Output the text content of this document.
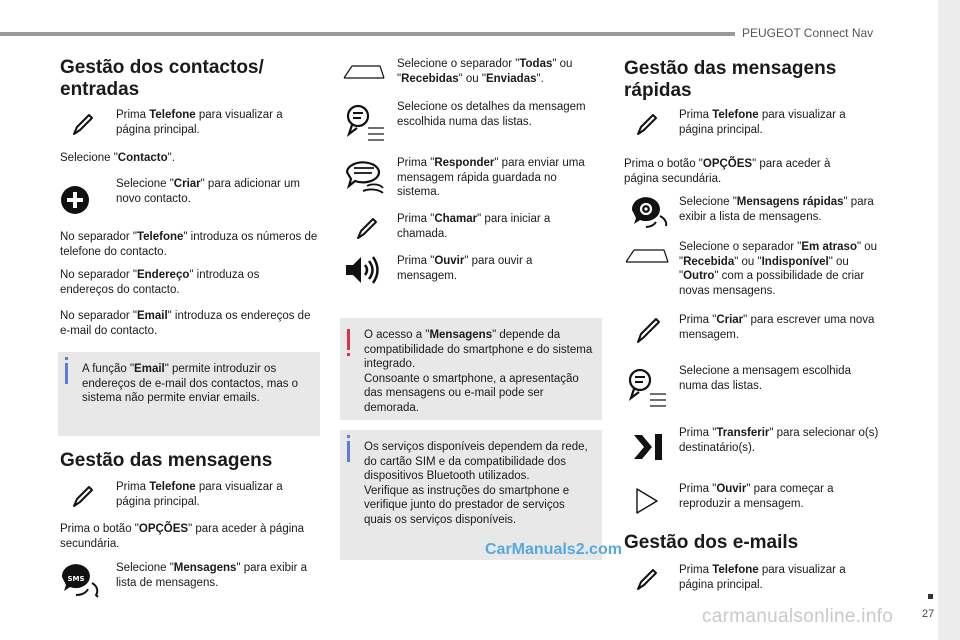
PEUGEOT Connect Nav
27
Gestão dos contactos/ entradas
Prima Telefone para visualizar a página principal.
Selecione "Contacto".
Selecione "Criar" para adicionar um novo contacto.
No separador "Telefone" introduza os números de telefone do contacto.
No separador "Endereço" introduza os endereços do contacto.
No separador "Email" introduza os endereços de e-mail do contacto.
A função "Email" permite introduzir os endereços de e-mail dos contactos, mas o sistema não permite enviar emails.
Gestão das mensagens
Prima Telefone para visualizar a página principal.
Prima o botão "OPÇÕES" para aceder à página secundária.
SMS
Selecione "Mensagens" para exibir a lista de mensagens.
Selecione o separador "Todas" ou "Recebidas" ou "Enviadas".
Selecione os detalhes da mensagem escolhida numa das listas.
Prima "Responder" para enviar uma mensagem rápida guardada no sistema.
Prima "Chamar" para iniciar a chamada.
Prima "Ouvir" para ouvir a mensagem.
O acesso a "Mensagens" depende da compatibilidade do smartphone e do sistema integrado.
Consoante o smartphone, a apresentação das mensagens ou e-mail pode ser demorada.
Os serviços disponíveis dependem da rede, do cartão SIM e da compatibilidade dos dispositivos Bluetooth utilizados.
Verifique as instruções do smartphone e verifique junto do prestador de serviços quais os serviços disponíveis.
CarManuals2.com
Gestão das mensagens rápidas
Prima Telefone para visualizar a página principal.
Prima o botão "OPÇÕES" para aceder à página secundária.
Selecione "Mensagens rápidas" para exibir a lista de mensagens.
Selecione o separador "Em atraso" ou "Recebida" ou "Indisponível" ou "Outro" com a possibilidade de criar novas mensagens.
Prima "Criar" para escrever uma nova mensagem.
Selecione a mensagem escolhida numa das listas.
Prima "Transferir" para selecionar o(s) destinatário(s).
Prima "Ouvir" para começar a reproduzir a mensagem.
Gestão dos e-mails
Prima Telefone para visualizar a página principal.
carmanualsonline.info
